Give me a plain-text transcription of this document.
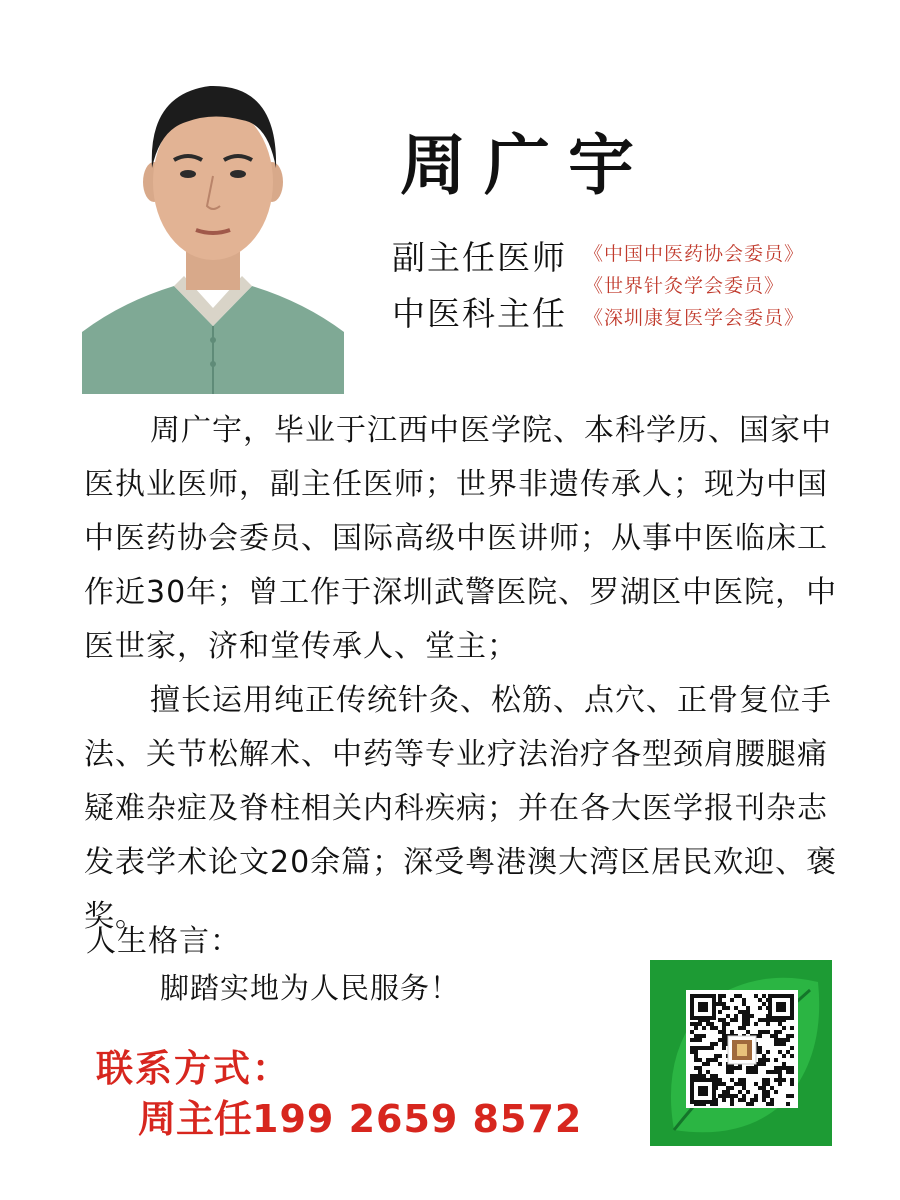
周广宇
副主任医师
中医科主任
《中国中医药协会委员》
《世界针灸学会委员》
《深圳康复医学会委员》

周广宇，毕业于江西中医学院、本科学历、国家中医执业医师，副主任医师；世界非遗传承人；现为中国中医药协会委员、国际高级中医讲师；从事中医临床工作近30年；曾工作于深圳武警医院、罗湖区中医院，中医世家，济和堂传承人、堂主；

擅长运用纯正传统针灸、松筋、点穴、正骨复位手法、关节松解术、中药等专业疗法治疗各型颈肩腰腿痛疑难杂症及脊柱相关内科疾病；并在各大医学报刊杂志发表学术论文20余篇；深受粤港澳大湾区居民欢迎、褒奖。

人生格言：
脚踏实地为人民服务！
联系方式：
周主任199 2659 8572
